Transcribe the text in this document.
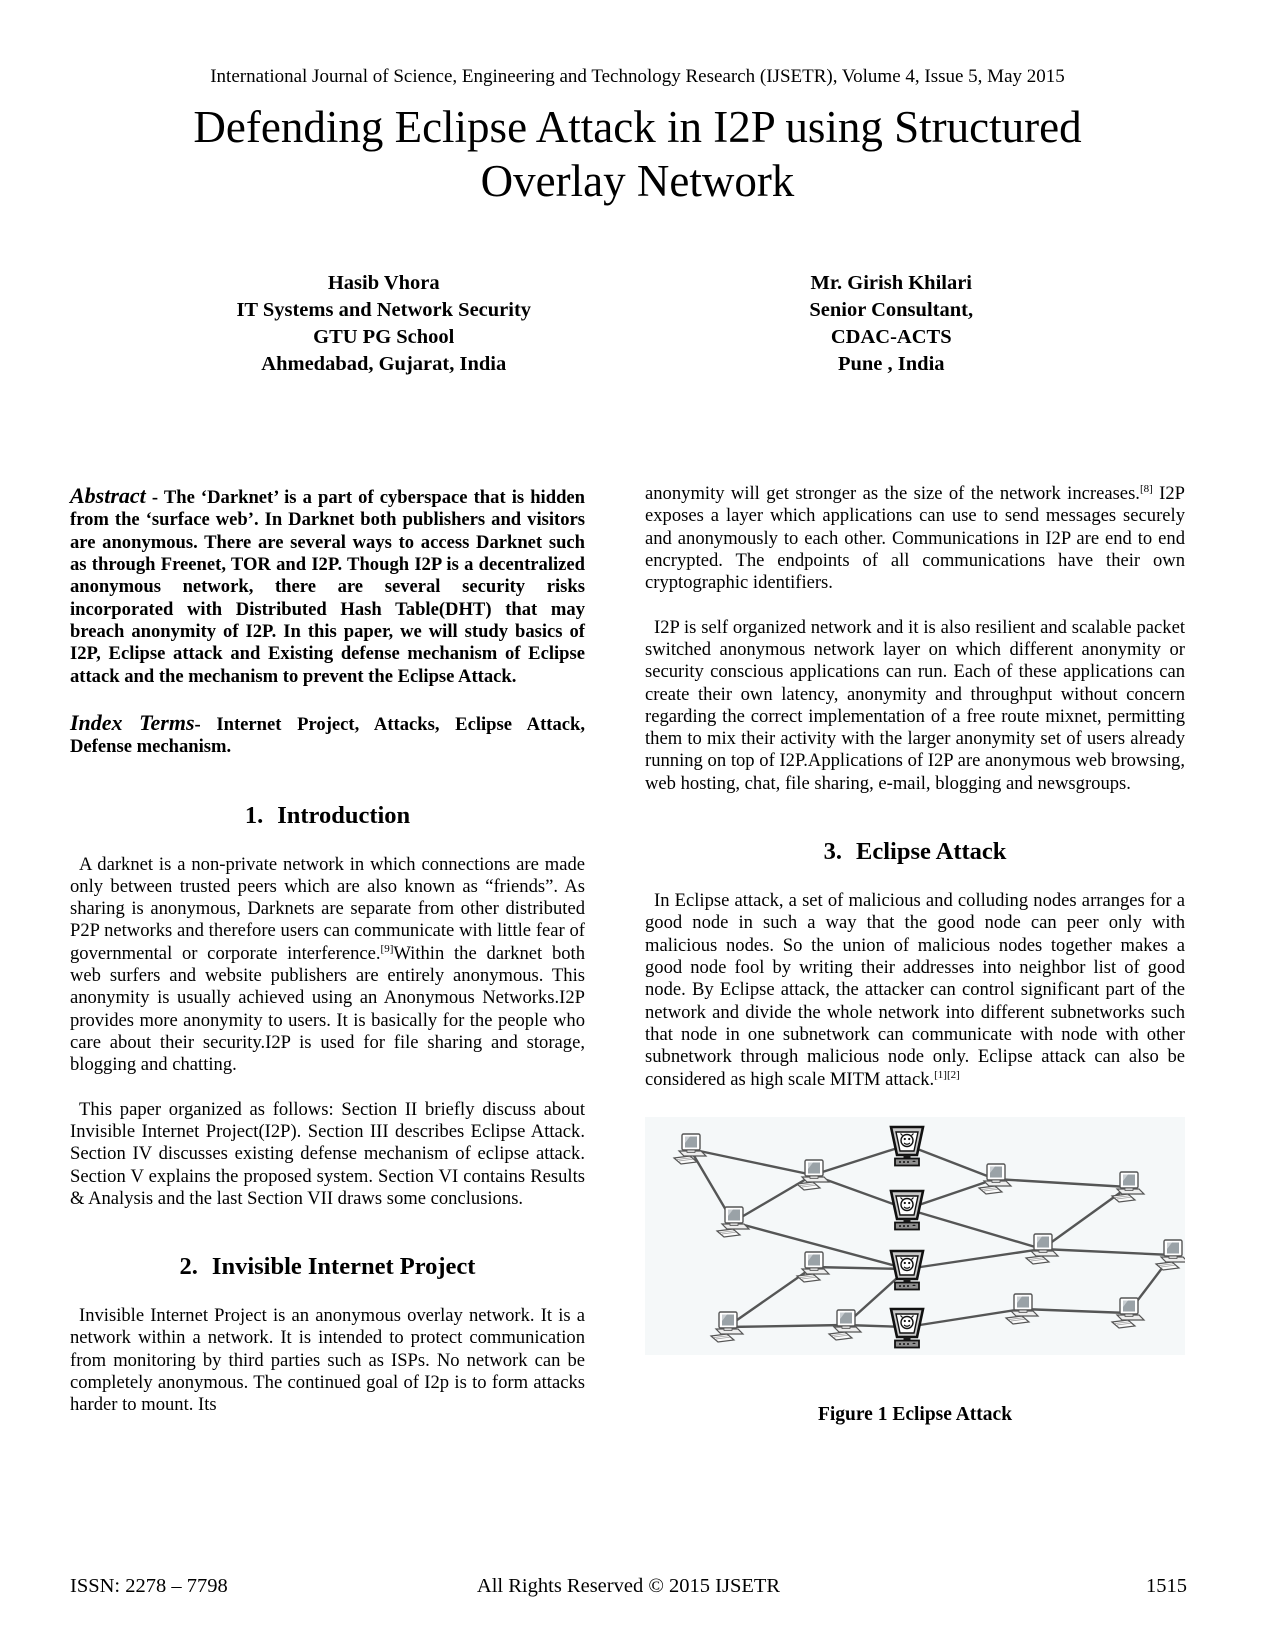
International Journal of Science, Engineering and Technology Research (IJSETR), Volume 4, Issue 5, May 2015
Defending Eclipse Attack in I2P using Structured Overlay Network
Hasib Vhora
IT Systems and Network Security
GTU PG School
Ahmedabad, Gujarat, India
Mr. Girish Khilari
Senior Consultant,
CDAC-ACTS
Pune , India

Abstract - The ‘Darknet’ is a part of cyberspace that is hidden from the ‘surface web’. In Darknet both publishers and visitors are anonymous. There are several ways to access Darknet such as through Freenet, TOR and I2P. Though I2P is a decentralized anonymous network, there are several security risks incorporated with Distributed Hash Table(DHT) that may breach anonymity of I2P. In this paper, we will study basics of I2P, Eclipse attack and Existing defense mechanism of Eclipse attack and the mechanism to prevent the Eclipse Attack.

Index Terms- Internet Project, Attacks, Eclipse Attack, Defense mechanism.

1. Introduction

A darknet is a non-private network in which connections are made only between trusted peers which are also known as “friends”. As sharing is anonymous, Darknets are separate from other distributed P2P networks and therefore users can communicate with little fear of governmental or corporate interference.[9]Within the darknet both web surfers and website publishers are entirely anonymous. This anonymity is usually achieved using an Anonymous Networks.I2P provides more anonymity to users. It is basically for the people who care about their security.I2P is used for file sharing and storage, blogging and chatting.

This paper organized as follows: Section II briefly discuss about Invisible Internet Project(I2P). Section III describes Eclipse Attack. Section IV discusses existing defense mechanism of eclipse attack. Section V explains the proposed system. Section VI contains Results & Analysis and the last Section VII draws some conclusions.

2. Invisible Internet Project

Invisible Internet Project is an anonymous overlay network. It is a network within a network. It is intended to protect communication from monitoring by third parties such as ISPs. No network can be completely anonymous. The continued goal of I2p is to form attacks harder to mount. Its

anonymity will get stronger as the size of the network increases.[8] I2P exposes a layer which applications can use to send messages securely and anonymously to each other. Communications in I2P are end to end encrypted. The endpoints of all communications have their own cryptographic identifiers.

I2P is self organized network and it is also resilient and scalable packet switched anonymous network layer on which different anonymity or security conscious applications can run. Each of these applications can create their own latency, anonymity and throughput without concern regarding the correct implementation of a free route mixnet, permitting them to mix their activity with the larger anonymity set of users already running on top of I2P.Applications of I2P are anonymous web browsing, web hosting, chat, file sharing, e-mail, blogging and newsgroups.

3. Eclipse Attack

In Eclipse attack, a set of malicious and colluding nodes arranges for a good node in such a way that the good node can peer only with malicious nodes. So the union of malicious nodes together makes a good node fool by writing their addresses into neighbor list of good node. By Eclipse attack, the attacker can control significant part of the network and divide the whole network into different subnetworks such that node in one subnetwork can communicate with node with other subnetwork through malicious node only. Eclipse attack can also be considered as high scale MITM attack.[1][2]

Figure 1 Eclipse Attack
ISSN: 2278 – 7798	All Rights Reserved © 2015 IJSETR	1515
